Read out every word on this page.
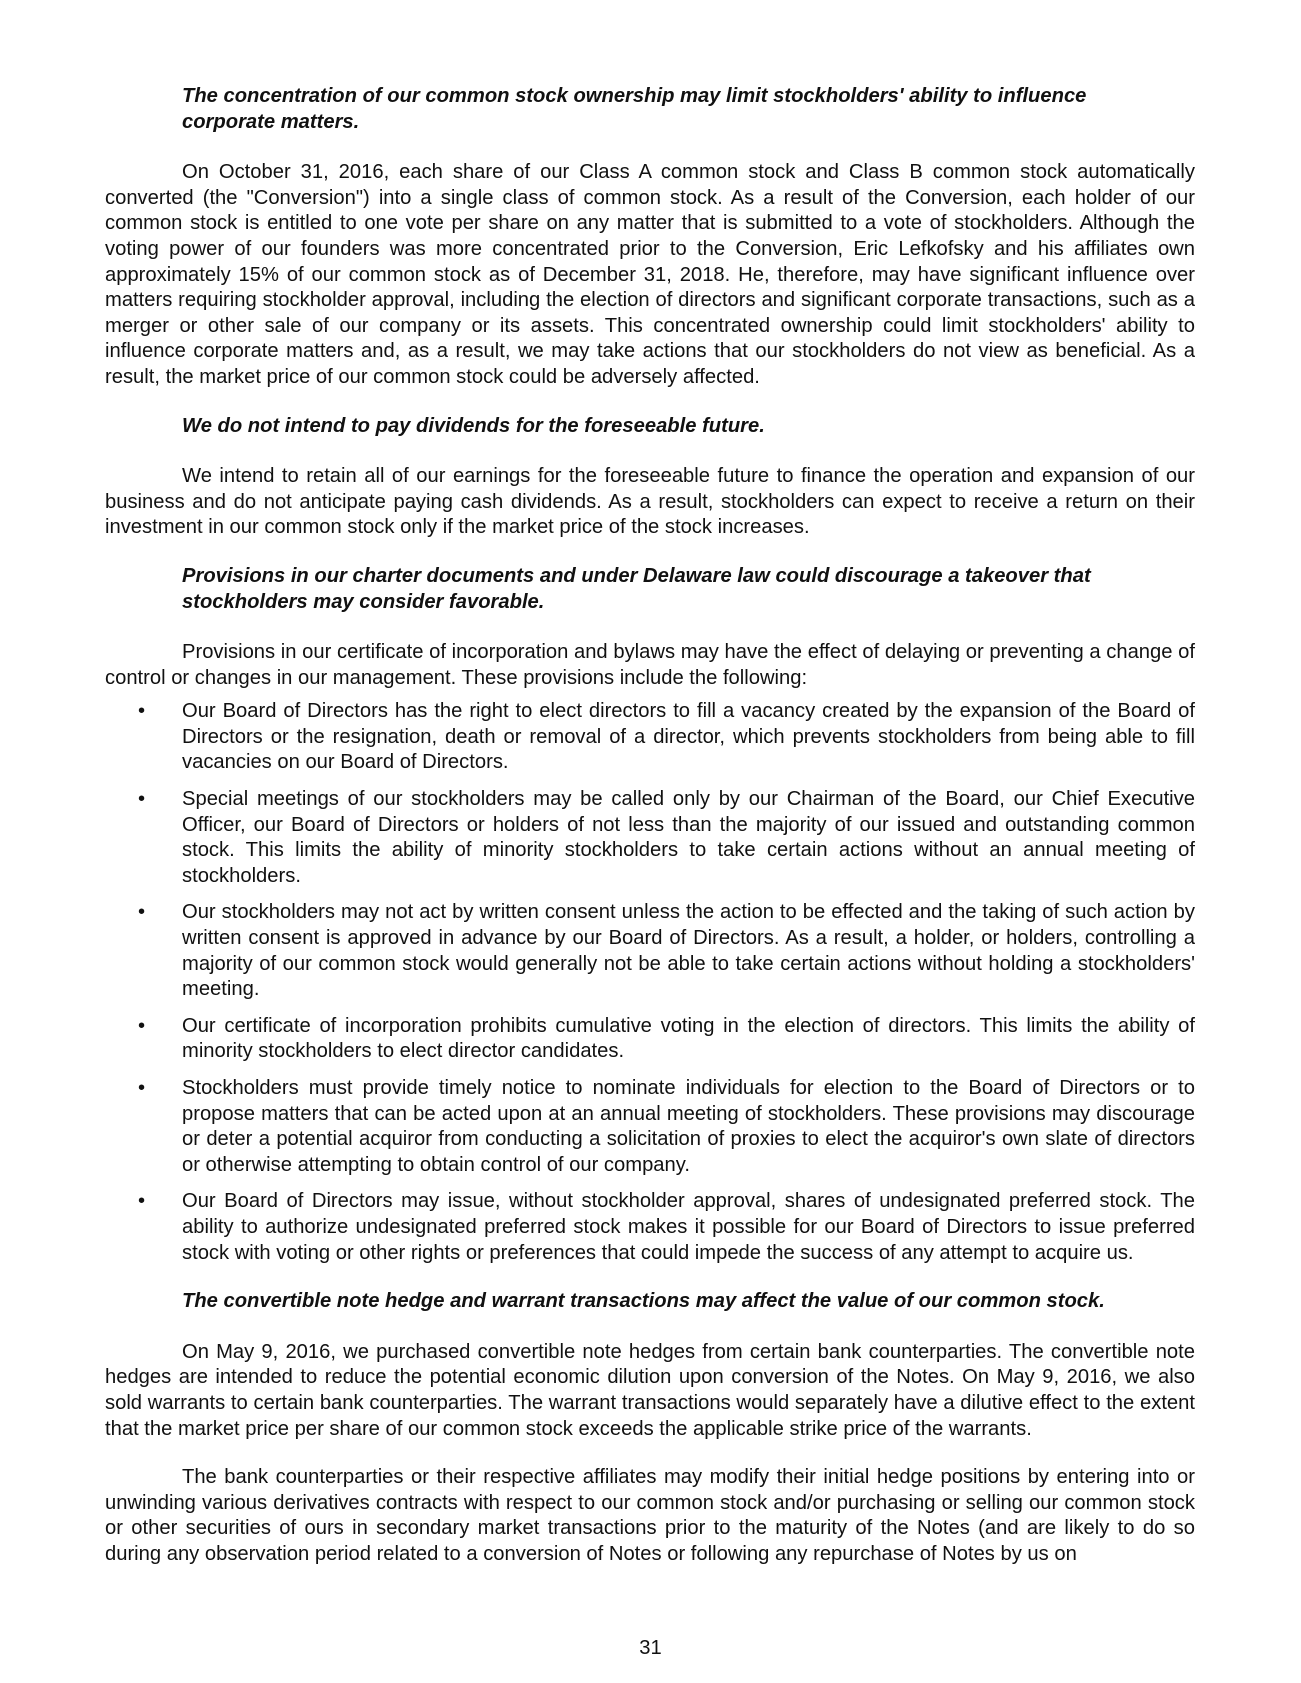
The concentration of our common stock ownership may limit stockholders' ability to influence corporate matters.

On October 31, 2016, each share of our Class A common stock and Class B common stock automatically converted (the "Conversion") into a single class of common stock. As a result of the Conversion, each holder of our common stock is entitled to one vote per share on any matter that is submitted to a vote of stockholders. Although the voting power of our founders was more concentrated prior to the Conversion, Eric Lefkofsky and his affiliates own approximately 15% of our common stock as of December 31, 2018. He, therefore, may have significant influence over matters requiring stockholder approval, including the election of directors and significant corporate transactions, such as a merger or other sale of our company or its assets. This concentrated ownership could limit stockholders' ability to influence corporate matters and, as a result, we may take actions that our stockholders do not view as beneficial. As a result, the market price of our common stock could be adversely affected.

We do not intend to pay dividends for the foreseeable future.

We intend to retain all of our earnings for the foreseeable future to finance the operation and expansion of our business and do not anticipate paying cash dividends. As a result, stockholders can expect to receive a return on their investment in our common stock only if the market price of the stock increases.

Provisions in our charter documents and under Delaware law could discourage a takeover that stockholders may consider favorable.

Provisions in our certificate of incorporation and bylaws may have the effect of delaying or preventing a change of control or changes in our management. These provisions include the following:

• Our Board of Directors has the right to elect directors to fill a vacancy created by the expansion of the Board of Directors or the resignation, death or removal of a director, which prevents stockholders from being able to fill vacancies on our Board of Directors.
• Special meetings of our stockholders may be called only by our Chairman of the Board, our Chief Executive Officer, our Board of Directors or holders of not less than the majority of our issued and outstanding common stock. This limits the ability of minority stockholders to take certain actions without an annual meeting of stockholders.
• Our stockholders may not act by written consent unless the action to be effected and the taking of such action by written consent is approved in advance by our Board of Directors. As a result, a holder, or holders, controlling a majority of our common stock would generally not be able to take certain actions without holding a stockholders' meeting.
• Our certificate of incorporation prohibits cumulative voting in the election of directors. This limits the ability of minority stockholders to elect director candidates.
• Stockholders must provide timely notice to nominate individuals for election to the Board of Directors or to propose matters that can be acted upon at an annual meeting of stockholders. These provisions may discourage or deter a potential acquiror from conducting a solicitation of proxies to elect the acquiror's own slate of directors or otherwise attempting to obtain control of our company.
• Our Board of Directors may issue, without stockholder approval, shares of undesignated preferred stock. The ability to authorize undesignated preferred stock makes it possible for our Board of Directors to issue preferred stock with voting or other rights or preferences that could impede the success of any attempt to acquire us.
The convertible note hedge and warrant transactions may affect the value of our common stock.

On May 9, 2016, we purchased convertible note hedges from certain bank counterparties. The convertible note hedges are intended to reduce the potential economic dilution upon conversion of the Notes. On May 9, 2016, we also sold warrants to certain bank counterparties. The warrant transactions would separately have a dilutive effect to the extent that the market price per share of our common stock exceeds the applicable strike price of the warrants.

The bank counterparties or their respective affiliates may modify their initial hedge positions by entering into or unwinding various derivatives contracts with respect to our common stock and/or purchasing or selling our common stock or other securities of ours in secondary market transactions prior to the maturity of the Notes (and are likely to do so during any observation period related to a conversion of Notes or following any repurchase of Notes by us on

31
